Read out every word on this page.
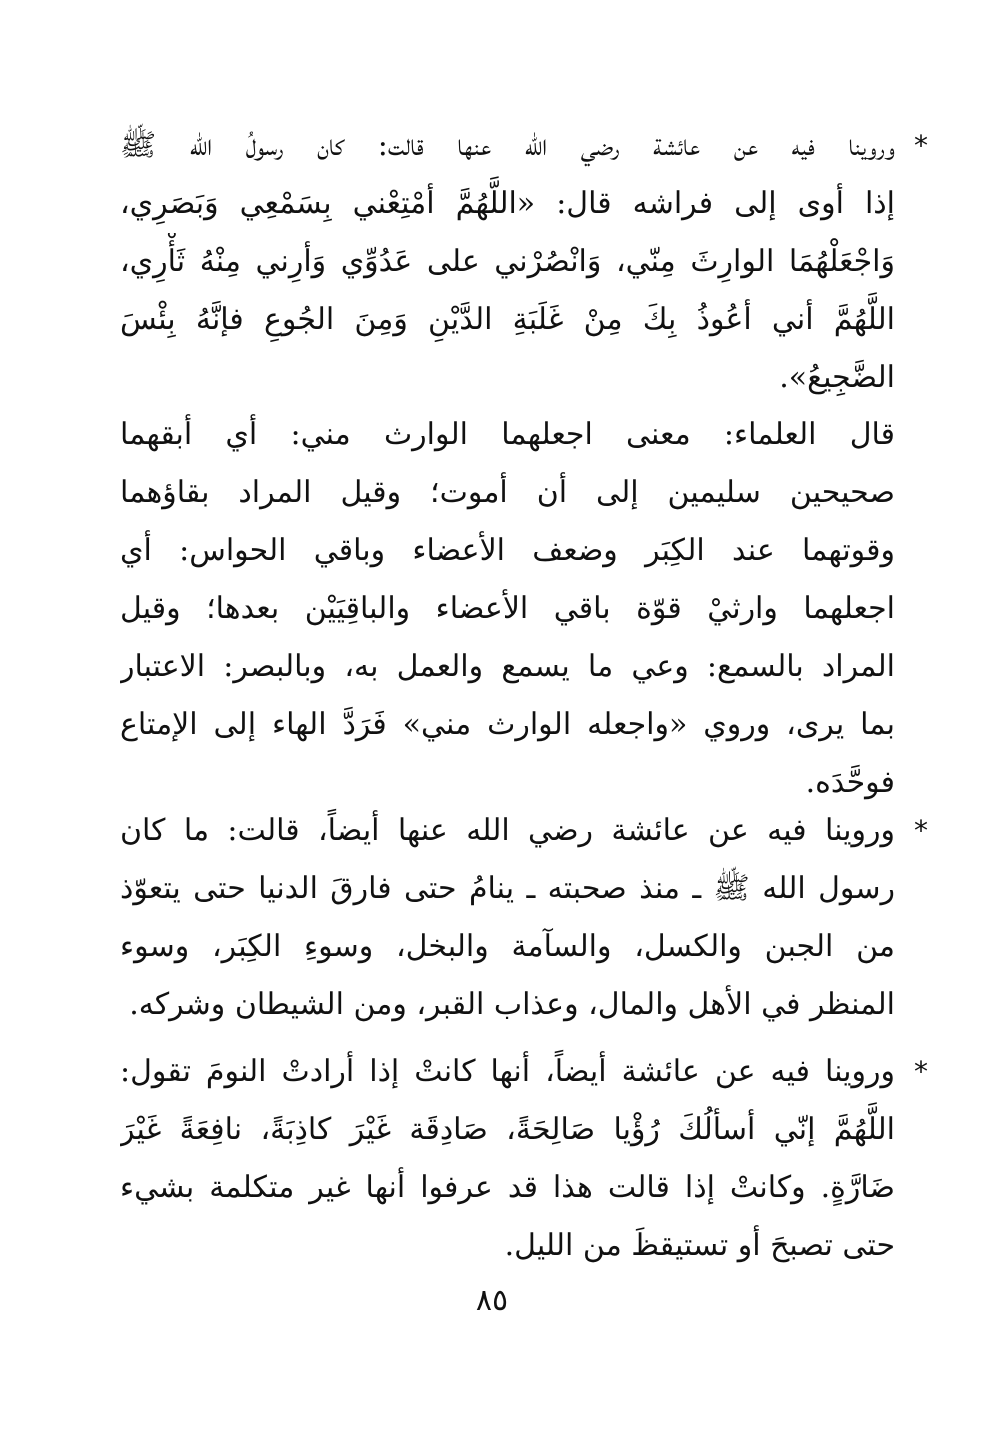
*
وروينا فيه عن عائشة رضي الله عنها قالت: كان رسولُ الله ﷺ
إذا أوى إلى فراشه قال: «اللَّهُمَّ أمْتِعْني بِسَمْعِي وَبَصَرِي،
وَاجْعَلْهُمَا الوارِثَ مِنّي، وَانْصُرْني على عَدُوِّي وَأرِني مِنْهُ ثَأْرِي،
اللَّهُمَّ أني أعُوذُ بِكَ مِنْ غَلَبَةِ الدَّيْنِ وَمِنَ الجُوعِ فإنَّهُ بِئْسَ
الضَّجِيعُ».
قال العلماء: معنى اجعلهما الوارث مني: أي أبقهما
صحيحين سليمين إلى أن أموت؛ وقيل المراد بقاؤهما
وقوتهما عند الكِبَر وضعف الأعضاء وباقي الحواس: أي
اجعلهما وارثيْ قوّة باقي الأعضاء والباقِيَيْن بعدها؛ وقيل
المراد بالسمع: وعي ما يسمع والعمل به، وبالبصر: الاعتبار
بما يرى، وروي «واجعله الوارث مني» فَرَدَّ الهاء إلى الإمتاع
فوحَّدَه.
*
وروينا فيه عن عائشة رضي الله عنها أيضاً، قالت: ما كان
رسول الله ﷺ ـ منذ صحبته ـ ينامُ حتى فارقَ الدنيا حتى يتعوّذ
من الجبن والكسل، والسآمة والبخل، وسوءِ الكِبَر، وسوء
المنظر في الأهل والمال، وعذاب القبر، ومن الشيطان وشركه.
*
وروينا فيه عن عائشة أيضاً، أنها كانتْ إذا أرادتْ النومَ تقول:
اللَّهُمَّ إنّي أسألُكَ رُؤْيا صَالِحَةً، صَادِقَة غَيْرَ كاذِبَةً، نافِعَةً غَيْرَ
ضَارَّةٍ. وكانتْ إذا قالت هذا قد عرفوا أنها غير متكلمة بشيء
حتى تصبحَ أو تستيقظَ من الليل.
٨٥
